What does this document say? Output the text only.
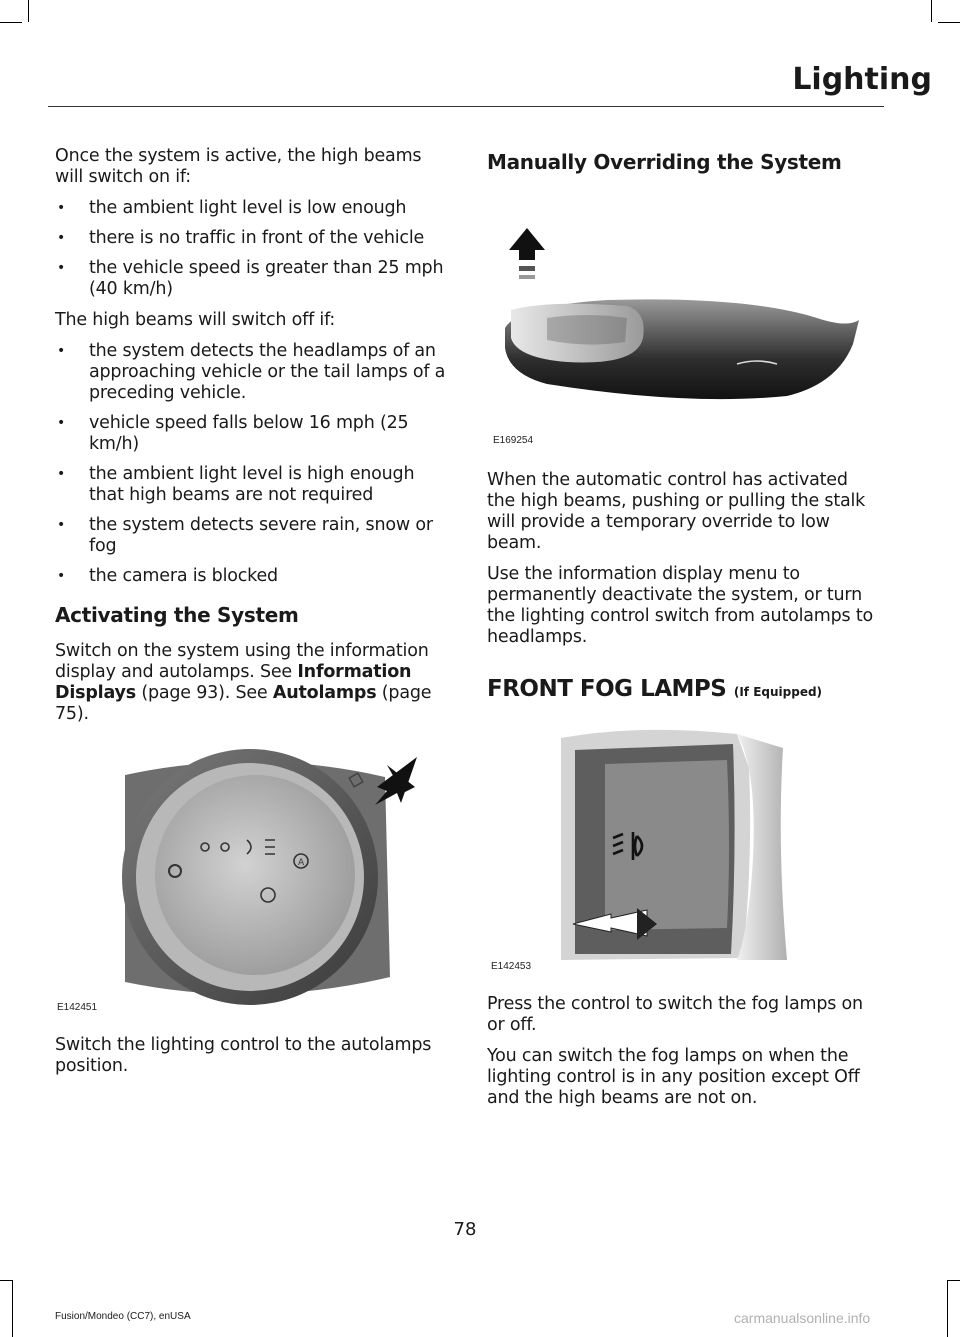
Lighting

Once the system is active, the high beams will switch on if:

• the ambient light level is low enough
• there is no traffic in front of the vehicle
• the vehicle speed is greater than 25 mph (40 km/h)

The high beams will switch off if:

• the system detects the headlamps of an approaching vehicle or the tail lamps of a preceding vehicle.
• vehicle speed falls below 16 mph (25 km/h)
• the ambient light level is high enough that high beams are not required
• the system detects severe rain, snow or fog
• the camera is blocked
Activating the System

Switch on the system using the information display and autolamps. See Information Displays (page 93). See Autolamps (page 75).

A
E142451

Switch the lighting control to the autolamps position.

Manually Overriding the System
E169254

When the automatic control has activated the high beams, pushing or pulling the stalk will provide a temporary override to low beam.

Use the information display menu to permanently deactivate the system, or turn the lighting control switch from autolamps to headlamps.

FRONT FOG LAMPS (If Equipped)
E142453

Press the control to switch the fog lamps on or off.

You can switch the fog lamps on when the lighting control is in any position except Off and the high beams are not on.

78
Fusion/Mondeo (CC7), enUSA	carmanualsonline.info
